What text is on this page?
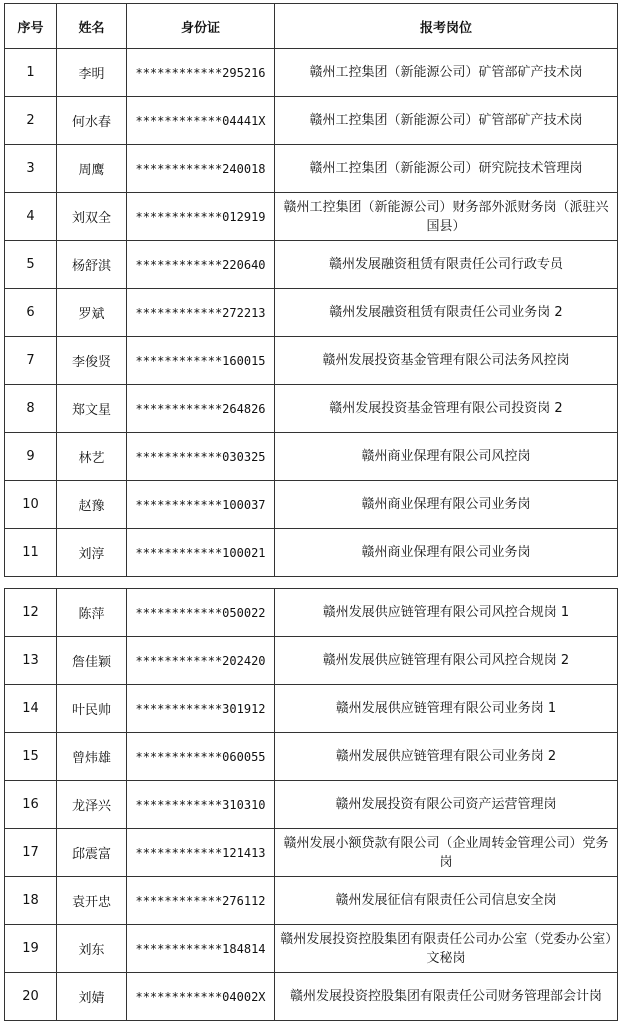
序号	姓名	身份证	报考岗位
1	李明	************295216	赣州工控集团（新能源公司）矿管部矿产技术岗
2	何水春	************04441X	赣州工控集团（新能源公司）矿管部矿产技术岗
3	周鹰	************240018	赣州工控集团（新能源公司）研究院技术管理岗
4	刘双全	************012919	赣州工控集团（新能源公司）财务部外派财务岗（派驻兴国县）
5	杨舒淇	************220640	赣州发展融资租赁有限责任公司行政专员
6	罗斌	************272213	赣州发展融资租赁有限责任公司业务岗 2
7	李俊贤	************160015	赣州发展投资基金管理有限公司法务风控岗
8	郑文星	************264826	赣州发展投资基金管理有限公司投资岗 2
9	林艺	************030325	赣州商业保理有限公司风控岗
10	赵豫	************100037	赣州商业保理有限公司业务岗
11	刘淳	************100021	赣州商业保理有限公司业务岗
12	陈萍	************050022	赣州发展供应链管理有限公司风控合规岗 1
13	詹佳颖	************202420	赣州发展供应链管理有限公司风控合规岗 2
14	叶民帅	************301912	赣州发展供应链管理有限公司业务岗 1
15	曾炜雄	************060055	赣州发展供应链管理有限公司业务岗 2
16	龙泽兴	************310310	赣州发展投资有限公司资产运营管理岗
17	邱震富	************121413	赣州发展小额贷款有限公司（企业周转金管理公司）党务岗
18	袁开忠	************276112	赣州发展征信有限责任公司信息安全岗
19	刘东	************184814	赣州发展投资控股集团有限责任公司办公室（党委办公室）文秘岗
20	刘婧	************04002X	赣州发展投资控股集团有限责任公司财务管理部会计岗
